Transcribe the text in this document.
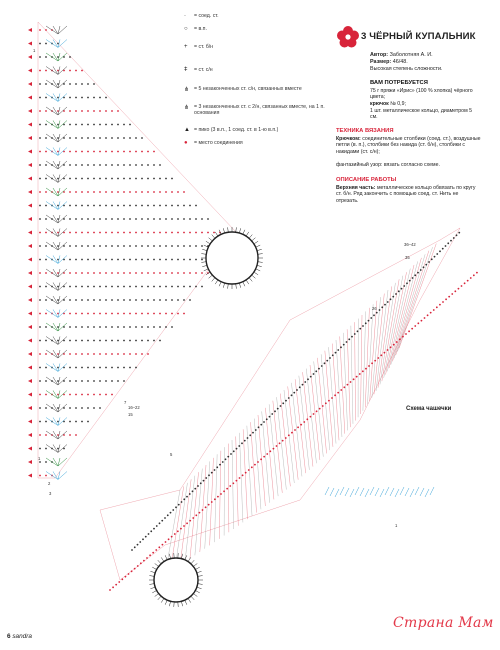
3 ЧЁРНЫЙ КУПАЛЬНИК
Автор: Заболотняя А. И.
Размер: 46/48.
Высокая степень сложности.
ВАМ ПОТРЕБУЕТСЯ
75 г пряжи «Ирис» (100 % хлопка) чёрного цвета;
крючок № 0,9;
1 шт. металлическое кольцо, диаметром 5 см.
ТЕХНИКА ВЯЗАНИЯ
Крючком: соединительные столбики (соед. ст.), воздушные петли (в. п.), столбики без накида (ст. б/н), столбики с накидами (ст. с/н);
фантазийный узор: вязать согласно схеме.
ОПИСАНИЕ РАБОТЫ
Верхняя часть: металлическое кольцо обвязать по кругу ст. б/н. Ряд закончить с помощью соед. ст. Нить не отрезать.
· = соед. ст.
○ = в.п.
+ = ст. б/н
ǂ = ст. с/н
⋔ = 5 незаконченных ст. с/н, связанных вместе
⋔ = 3 незаконченных ст. с 2/н, связанных вместе, на 1 п. основания
▲ = пико (3 в.п., 1 соед. ст. в 1-ю в.п.)
● = место соединения
Схема чашечки
36–42
35
26
1
5
2
3
7
16–22
15
1
1
6 sandra
Страна Мам
